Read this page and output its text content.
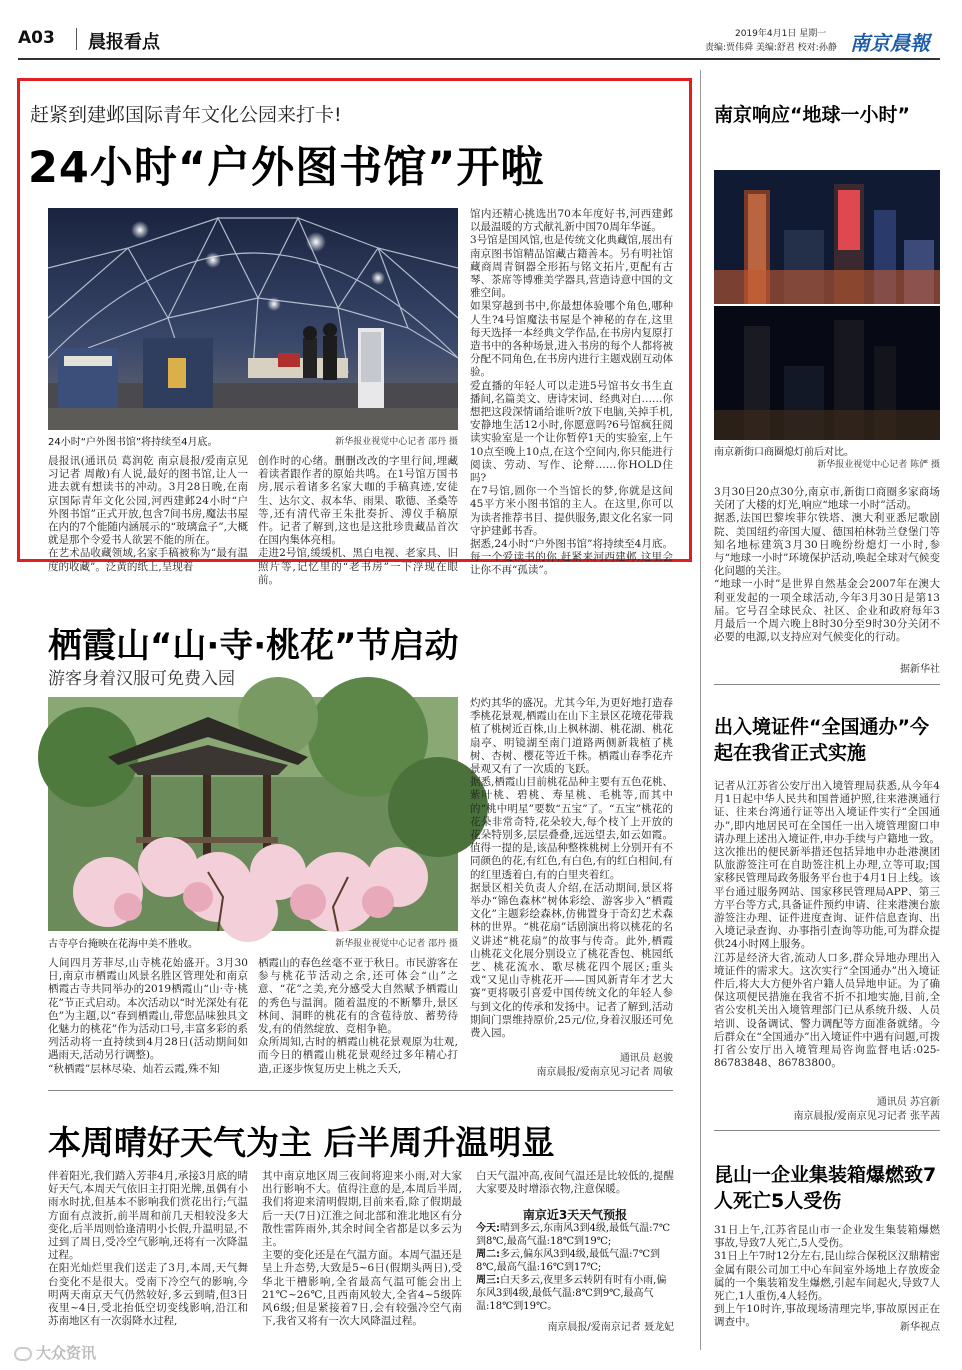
A03 晨报看点	2019年4月1日 星期一
责编:贾伟舜 美编:舒君 校对:孙静 南京晨報
赶紧到建邺国际青年文化公园来打卡!
24小时“户外图书馆”开啦
24小时“户外图书馆”将持续至4月底。	新华报业视觉中心记者 邵丹 摄
馆内还精心挑选出70本年度好书,河西建邺以最温暖的方式献礼新中国70周年华诞。
3号馆是国风馆,也是传统文化典藏馆,展出有南京图书馆精品馆藏古籍善本。另有明社馆藏商周青铜器全形拓与铭文拓片,更配有古琴、茶席等博雅美学器具,营造诗意中国的文雅空间。
如果穿越到书中,你最想体验哪个角色,哪种人生?4号馆魔法书屋是个神秘的存在,这里每天选择一本经典文学作品,在书房内复原打造书中的各种场景,进入书房的每个人都将被分配不同角色,在书房内进行主题戏剧互动体验。
爱直播的年轻人可以走进5号馆书女书生直播间,名篇美文、唐诗宋词、经典对白……你想把这段深情诵给谁听?放下电脑,关掉手机,安静地生活12小时,你愿意吗?6号馆疯狂阅读实验室是一个让你暂停1天的实验室,上午10点至晚上10点,在这个空间内,你只能进行阅读、劳动、写作、论辩……你HOLD住吗?
在7号馆,圆你一个当馆长的梦,你就是这间45平方米小图书馆的主人。在这里,你可以为读者推荐书目、提供服务,跟文化名家一同守护建邺书香。
据悉,24小时“户外图书馆”将持续至4月底。每一个爱读书的你,赶紧来河西建邺,这里会让你不再“孤读”。
晨报讯(通讯员 葛润乾 南京晨报/爱南京见习记者 周敞)有人说,最好的图书馆,让人一进去就有想读书的冲动。3月28日晚,在南京国际青年文化公园,河西建邺24小时“户外图书馆”正式开放,包含7间书房,魔法书屋在内的7个能随内涵展示的“玻璃盒子”,大概就是那个令爱书人欲罢不能的所在。
在艺术品收藏领域,名家手稿被称为“最有温度的收藏”。泛黄的纸上,呈现着
创作时的心绪。删删改改的字里行间,埋藏着读者跟作者的原始共鸣。在1号馆万国书房,展示着诸多名家大咖的手稿真迹,安徒生、达尔文、叔本华、雨果、歌德、圣桑等等,还有清代帝王朱批奏折、溥仪手稿原件。记者了解到,这也是这批珍贵藏品首次在国内集体亮相。
走进2号馆,缓缓机、黑白电视、老家具、旧照片等,记忆里的“老书房”一下浮现在眼前。
栖霞山“山·寺·桃花”节启动
游客身着汉服可免费入园
古寺亭台掩映在花海中美不胜收。	新华报业视觉中心记者 邵丹 摄
灼灼其华的盛况。尤其今年,为更好地打造春季桃花景观,栖霞山在山下主景区花境花带栽植了桃树近百株,山上枫林湖、桃花湖、桃花扇亭、明镜湖至南门道路两侧新栽植了桃树、杏树、樱花等近千株。栖霞山春季花卉景观又有了一次质的飞跃。
据悉,栖霞山目前桃花品种主要有五色花桃、紫叶桃、碧桃、寿星桃、毛桃等,而其中的“桃中明星”要数“五宝”了。“五宝”桃花的花朵非常奇特,花朵较大,每个枝丫上开放的花朵特别多,层层叠叠,远远望去,如云如霞。值得一提的是,该品种整株桃树上分别开有不同颜色的花,有红色,有白色,有的红白相间,有的红里透着白,有的白里夹着红。
据景区相关负责人介绍,在活动期间,景区将举办“锦色森林”树体彩绘、游客步入“栖霞文化”主题彩绘森林,仿佛置身于奇幻艺术森林的世界。“桃花扇”话剧演出将以桃花的名义讲述“桃花扇”的故事与传奇。此外,栖霞山桃花文化展分别设立了桃花香包、桃园纸艺、桃花流水、歌尽桃花四个展区;重头戏“又见山寺桃花开——国风新青年才艺大赛”更将吸引喜爱中国传统文化的年轻人参与到文化的传承和发扬中。记者了解到,活动期间门票维持原价,25元/位,身着汉服还可免费入园。
通讯员 赵骏
南京晨报/爱南京见习记者 周敏
人间四月芳菲尽,山寺桃花始盛开。3月30日,南京市栖霞山风景名胜区管理处和南京栖霞古寺共同举办的2019栖霞山“山·寺·桃花”节正式启动。本次活动以“时光深处有花色”为主题,以“春到栖霞山,带您品味独具文化魅力的桃花”作为活动口号,丰富多彩的系列活动将一直持续到4月28日(活动期间如遇雨天,活动另行调整)。
“秋栖霞”层林尽染、灿若云霞,殊不知
栖霞山的春色丝毫不亚于秋日。市民游客在参与桃花节活动之余,还可体会“山”之意、“花”之美,充分感受大自然赋予栖霞山的秀色与温润。随着温度的不断攀升,景区林间、洞畔的桃花有的含苞待放、蓄势待发,有的俏然绽放、竞相争艳。
众所周知,古时的栖霞山桃花景观原为壮观,而今日的栖霞山桃花景观经过多年精心打造,正逐步恢复历史上桃之夭夭,
本周晴好天气为主 后半周升温明显
伴着阳光,我们踏入芳菲4月,承接3月底的晴好天气,本周天气依旧主打阳光牌,虽偶有小雨水时扰,但基本不影响我们赏花出行;气温方面有点波折,前半周和前几天相较没多大变化,后半周则恰逢清明小长假,升温明显,不过到了周日,受冷空气影响,还将有一次降温过程。
在阳光灿烂里我们送走了3月,本周,天气舞台变化不是很大。受南下冷空气的影响,今明两天南京天气仍然较好,多云到晴,但3日夜里~4日,受北抬低空切变线影响,沿江和苏南地区有一次弱降水过程,
其中南京地区周三夜间将迎来小雨,对大家出行影响不大。值得注意的是,本周后半周,我们将迎来清明假期,目前来看,除了假期最后一天(7日)江淮之间北部和淮北地区有分散性雷阵雨外,其余时间全省都是以多云为主。
主要的变化还是在气温方面。本周气温还是呈上升态势,大致是5~6日(假期头两日),受华北干槽影响,全省最高气温可能会出上21℃~26℃,且西南风较大,全省4~5级阵风6级;但是紧接着7日,会有较强冷空气南下,我省又将有一次大风降温过程。
白天气温冲高,夜间气温还是比较低的,提醒大家要及时增添衣物,注意保暖。
南京近3天天气预报
今天:晴到多云,东南风3到4级,最低气温:7℃到8℃,最高气温:18℃到19℃;
周二:多云,偏东风3到4级,最低气温:7℃到8℃,最高气温:16℃到17℃;
周三:白天多云,夜里多云转阴有时有小雨,偏东风3到4级,最低气温:8℃到9℃,最高气温:18℃到19℃。
南京晨报/爱南京记者 聂龙妃
南京响应“地球一小时”
南京新街口商圈熄灯前后对比。
新华报业视觉中心记者 陈俨 摄
3月30日20点30分,南京市,新街口商圈多家商场关闭了大楼的灯光,响应“地球一小时”活动。
据悉,法国巴黎埃菲尔铁塔、澳大利亚悉尼歌剧院、美国纽约帝国大厦、德国柏林勃兰登堡门等知名地标建筑3月30日晚纷纷熄灯一小时,参与“地球一小时”环境保护活动,唤起全球对气候变化问题的关注。
“地球一小时”是世界自然基金会2007年在澳大利亚发起的一项全球活动,今年3月30日是第13届。它号召全球民众、社区、企业和政府每年3月最后一个周六晚上8时30分至9时30分关闭不必要的电源,以支持应对气候变化的行动。
据新华社
出入境证件“全国通办”今起在我省正式实施
记者从江苏省公安厅出入境管理局获悉,从今年4月1日起中华人民共和国普通护照,往来港澳通行证、往来台湾通行证等出入境证件实行“全国通办”,即内地居民可在全国任一出入境管理窗口申请办理上述出入境证件,申办手续与户籍地一致。这次推出的便民新举措还包括异地申办赴港澳团队旅游签注可在自助签注机上办理,立等可取;国家移民管理局政务服务平台也于4月1日上线。该平台通过服务网站、国家移民管理局APP、第三方平台等方式,具备证件预约申请、往来港澳台旅游签注办理、证件进度查询、证件信息查询、出入境记录查询、办事指引查询等功能,可为群众提供24小时网上服务。
江苏是经济大省,流动人口多,群众异地办理出入境证件的需求大。这次实行“全国通办”出入境证件后,将大大方便外省户籍人员异地申证。为了确保这项便民措施在我省不折不扣地实施,目前,全省公安机关出入境管理部门已从系统升级、人员培训、设备调试、警力调配等方面准备就绪。今后群众在“全国通办”出入境证件中遇有问题,可拨打省公安厅出入境管理局咨询监督电话:025-86783848、86783800。
通讯员 苏宫新
南京晨报/爱南京见习记者 张芊茜
昆山一企业集装箱爆燃致7人死亡5人受伤
31日上午,江苏省昆山市一企业发生集装箱爆燃事故,导致7人死亡,5人受伤。
31日上午7时12分左右,昆山综合保税区汉鼎精密金属有限公司加工中心车间室外场地上存放废金属的一个集装箱发生爆燃,引起车间起火,导致7人死亡,1人重伤,4人轻伤。
到上午10时许,事故现场清理完毕,事故原因正在调查中。	新华视点
大众资讯
